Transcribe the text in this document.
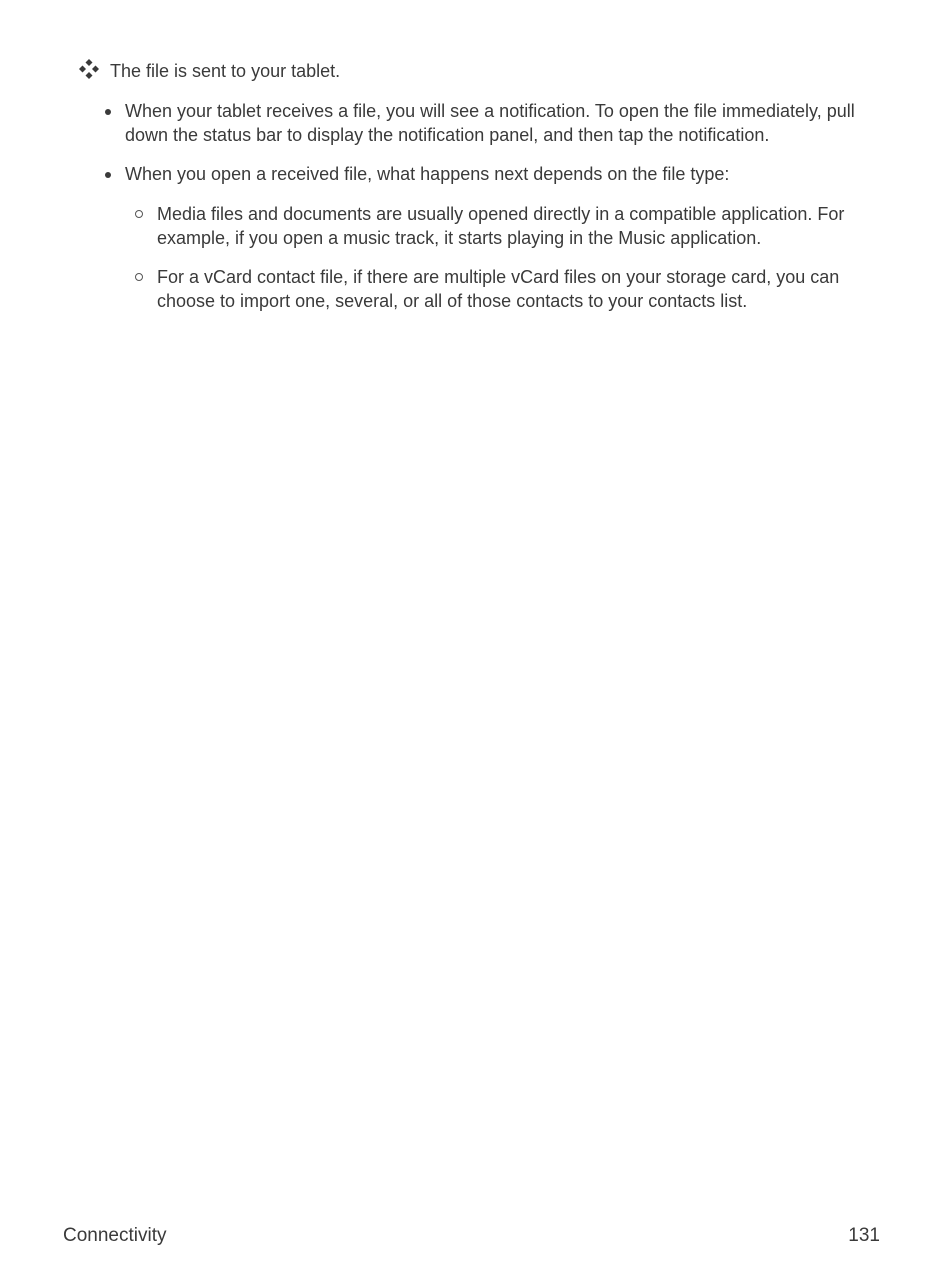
The file is sent to your tablet.
When your tablet receives a file, you will see a notification. To open the file immediately, pull down the status bar to display the notification panel, and then tap the notification.
When you open a received file, what happens next depends on the file type:
Media files and documents are usually opened directly in a compatible application. For example, if you open a music track, it starts playing in the Music application.
For a vCard contact file, if there are multiple vCard files on your storage card, you can choose to import one, several, or all of those contacts to your contacts list.
Connectivity	131
